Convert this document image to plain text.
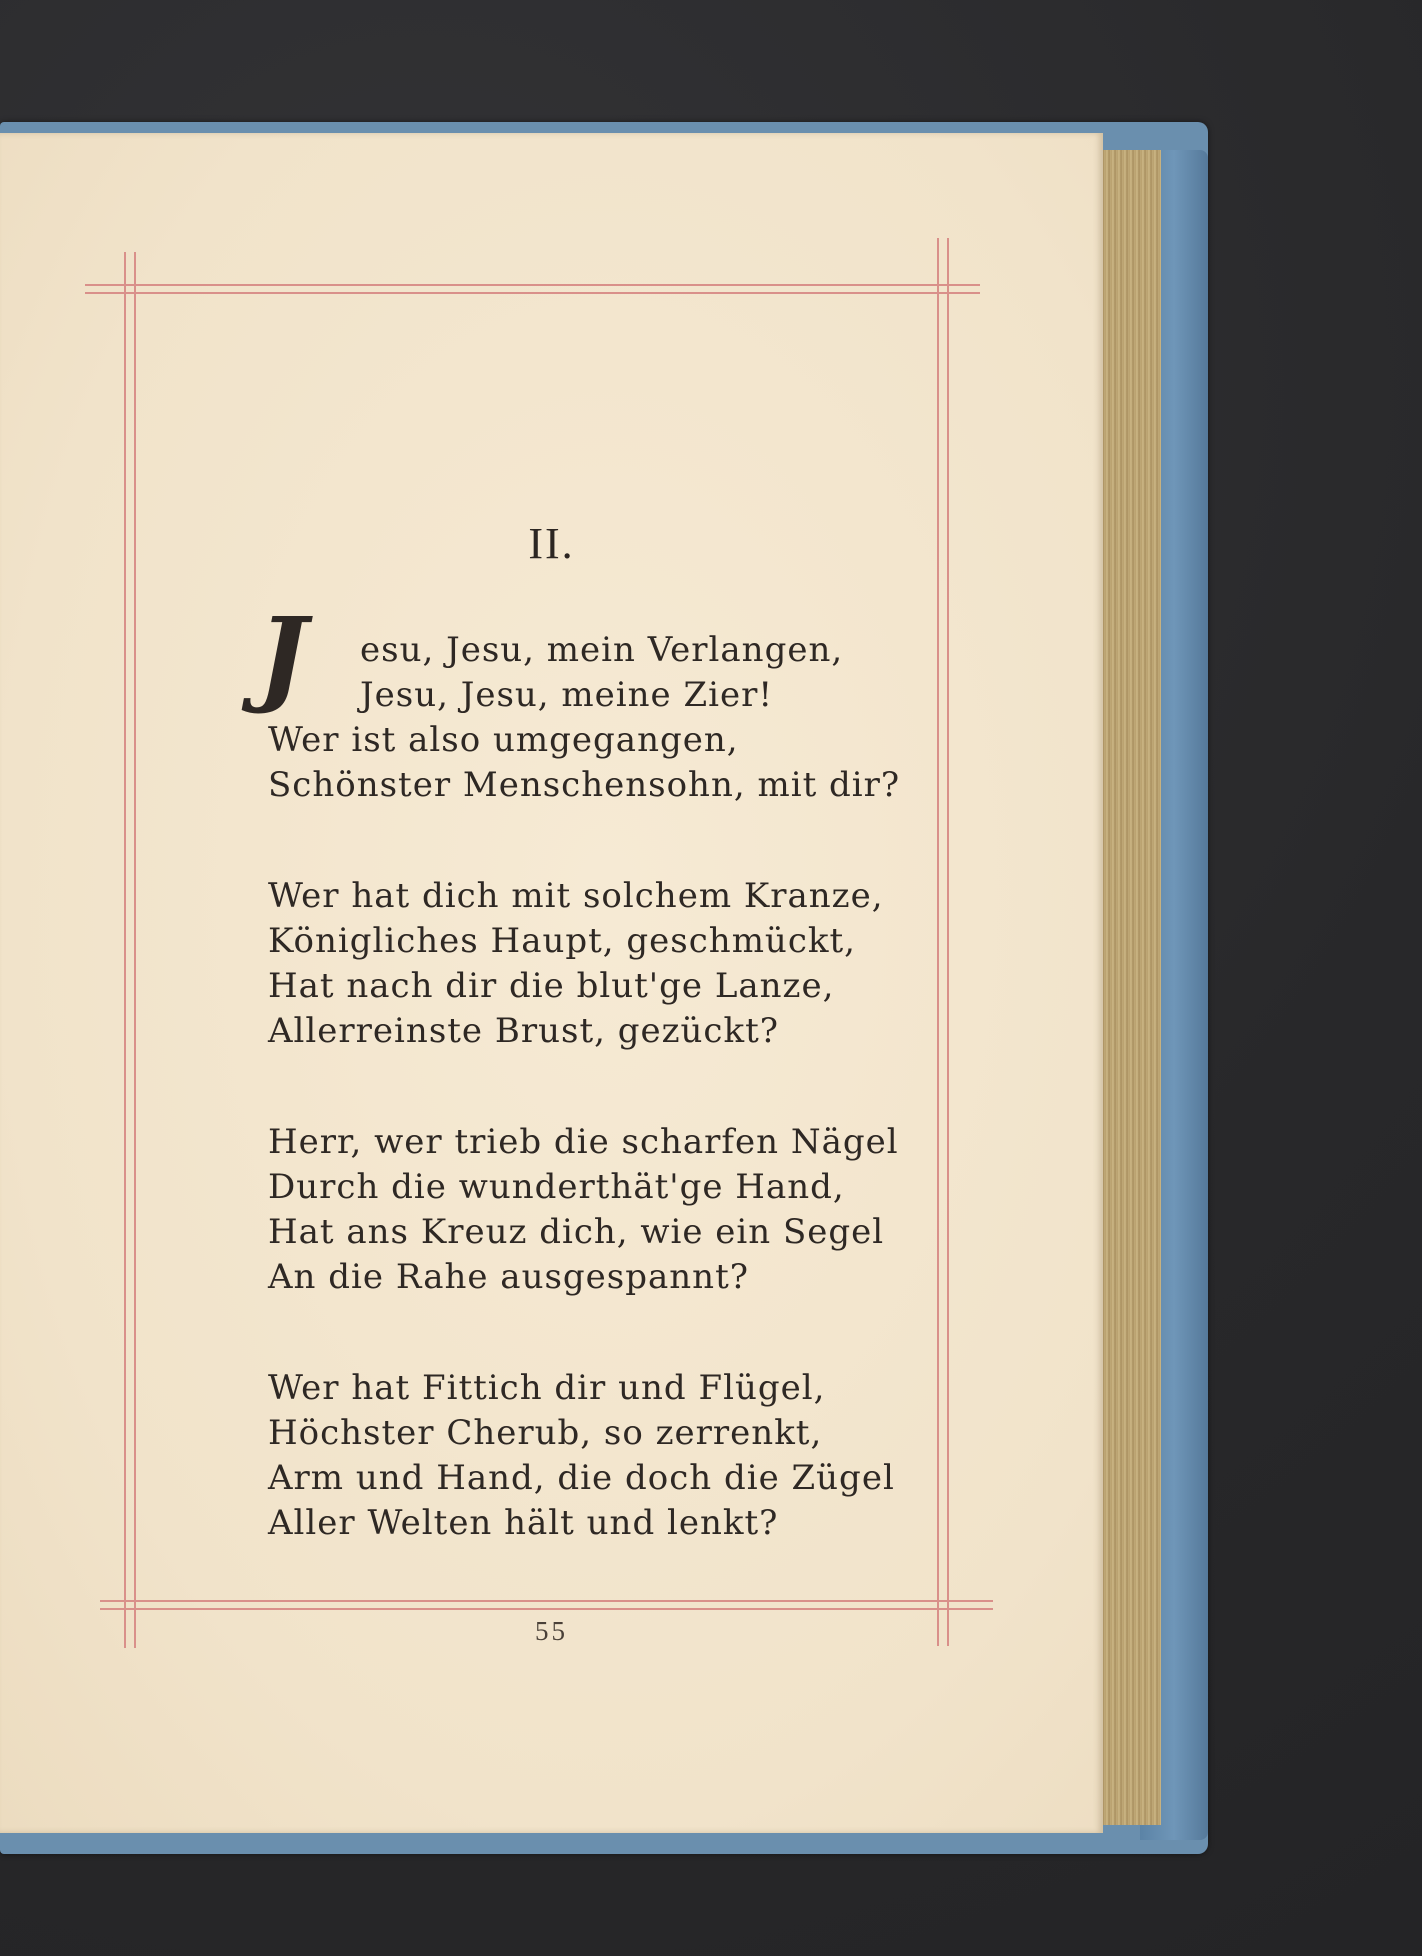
II.
J	esu, Jesu, mein Verlangen,
Jesu, Jesu, meine Zier!
Wer ist also umgegangen,
Schönster Menschensohn, mit dir?
Wer hat dich mit solchem Kranze,
Königliches Haupt, geschmückt,
Hat nach dir die blut'ge Lanze,
Allerreinste Brust, gezückt?
Herr, wer trieb die scharfen Nägel
Durch die wunderthät'ge Hand,
Hat ans Kreuz dich, wie ein Segel
An die Rahe ausgespannt?
Wer hat Fittich dir und Flügel,
Höchster Cherub, so zerrenkt,
Arm und Hand, die doch die Zügel
Aller Welten hält und lenkt?
55
